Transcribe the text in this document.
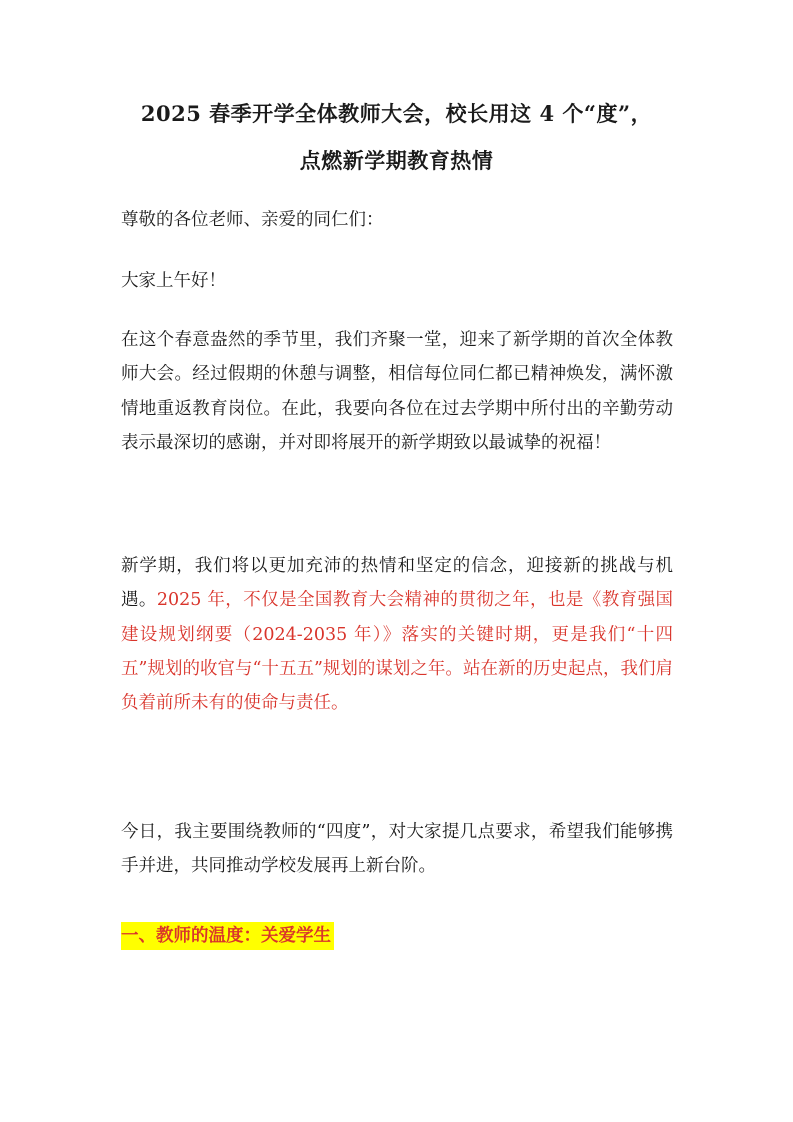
2025 春季开学全体教师大会，校长用这 4 个“度”，
点燃新学期教育热情

尊敬的各位老师、亲爱的同仁们：

大家上午好！

在这个春意盎然的季节里，我们齐聚一堂，迎来了新学期的首次全体教师大会。经过假期的休憩与调整，相信每位同仁都已精神焕发，满怀激情地重返教育岗位。在此，我要向各位在过去学期中所付出的辛勤劳动表示最深切的感谢，并对即将展开的新学期致以最诚挚的祝福！

新学期，我们将以更加充沛的热情和坚定的信念，迎接新的挑战与机遇。2025 年，不仅是全国教育大会精神的贯彻之年，也是《教育强国建设规划纲要（2024-2035 年）》落实的关键时期，更是我们“十四五”规划的收官与“十五五”规划的谋划之年。站在新的历史起点，我们肩负着前所未有的使命与责任。

今日，我主要围绕教师的“四度”，对大家提几点要求，希望我们能够携手并进，共同推动学校发展再上新台阶。

一、教师的温度：关爱学生
